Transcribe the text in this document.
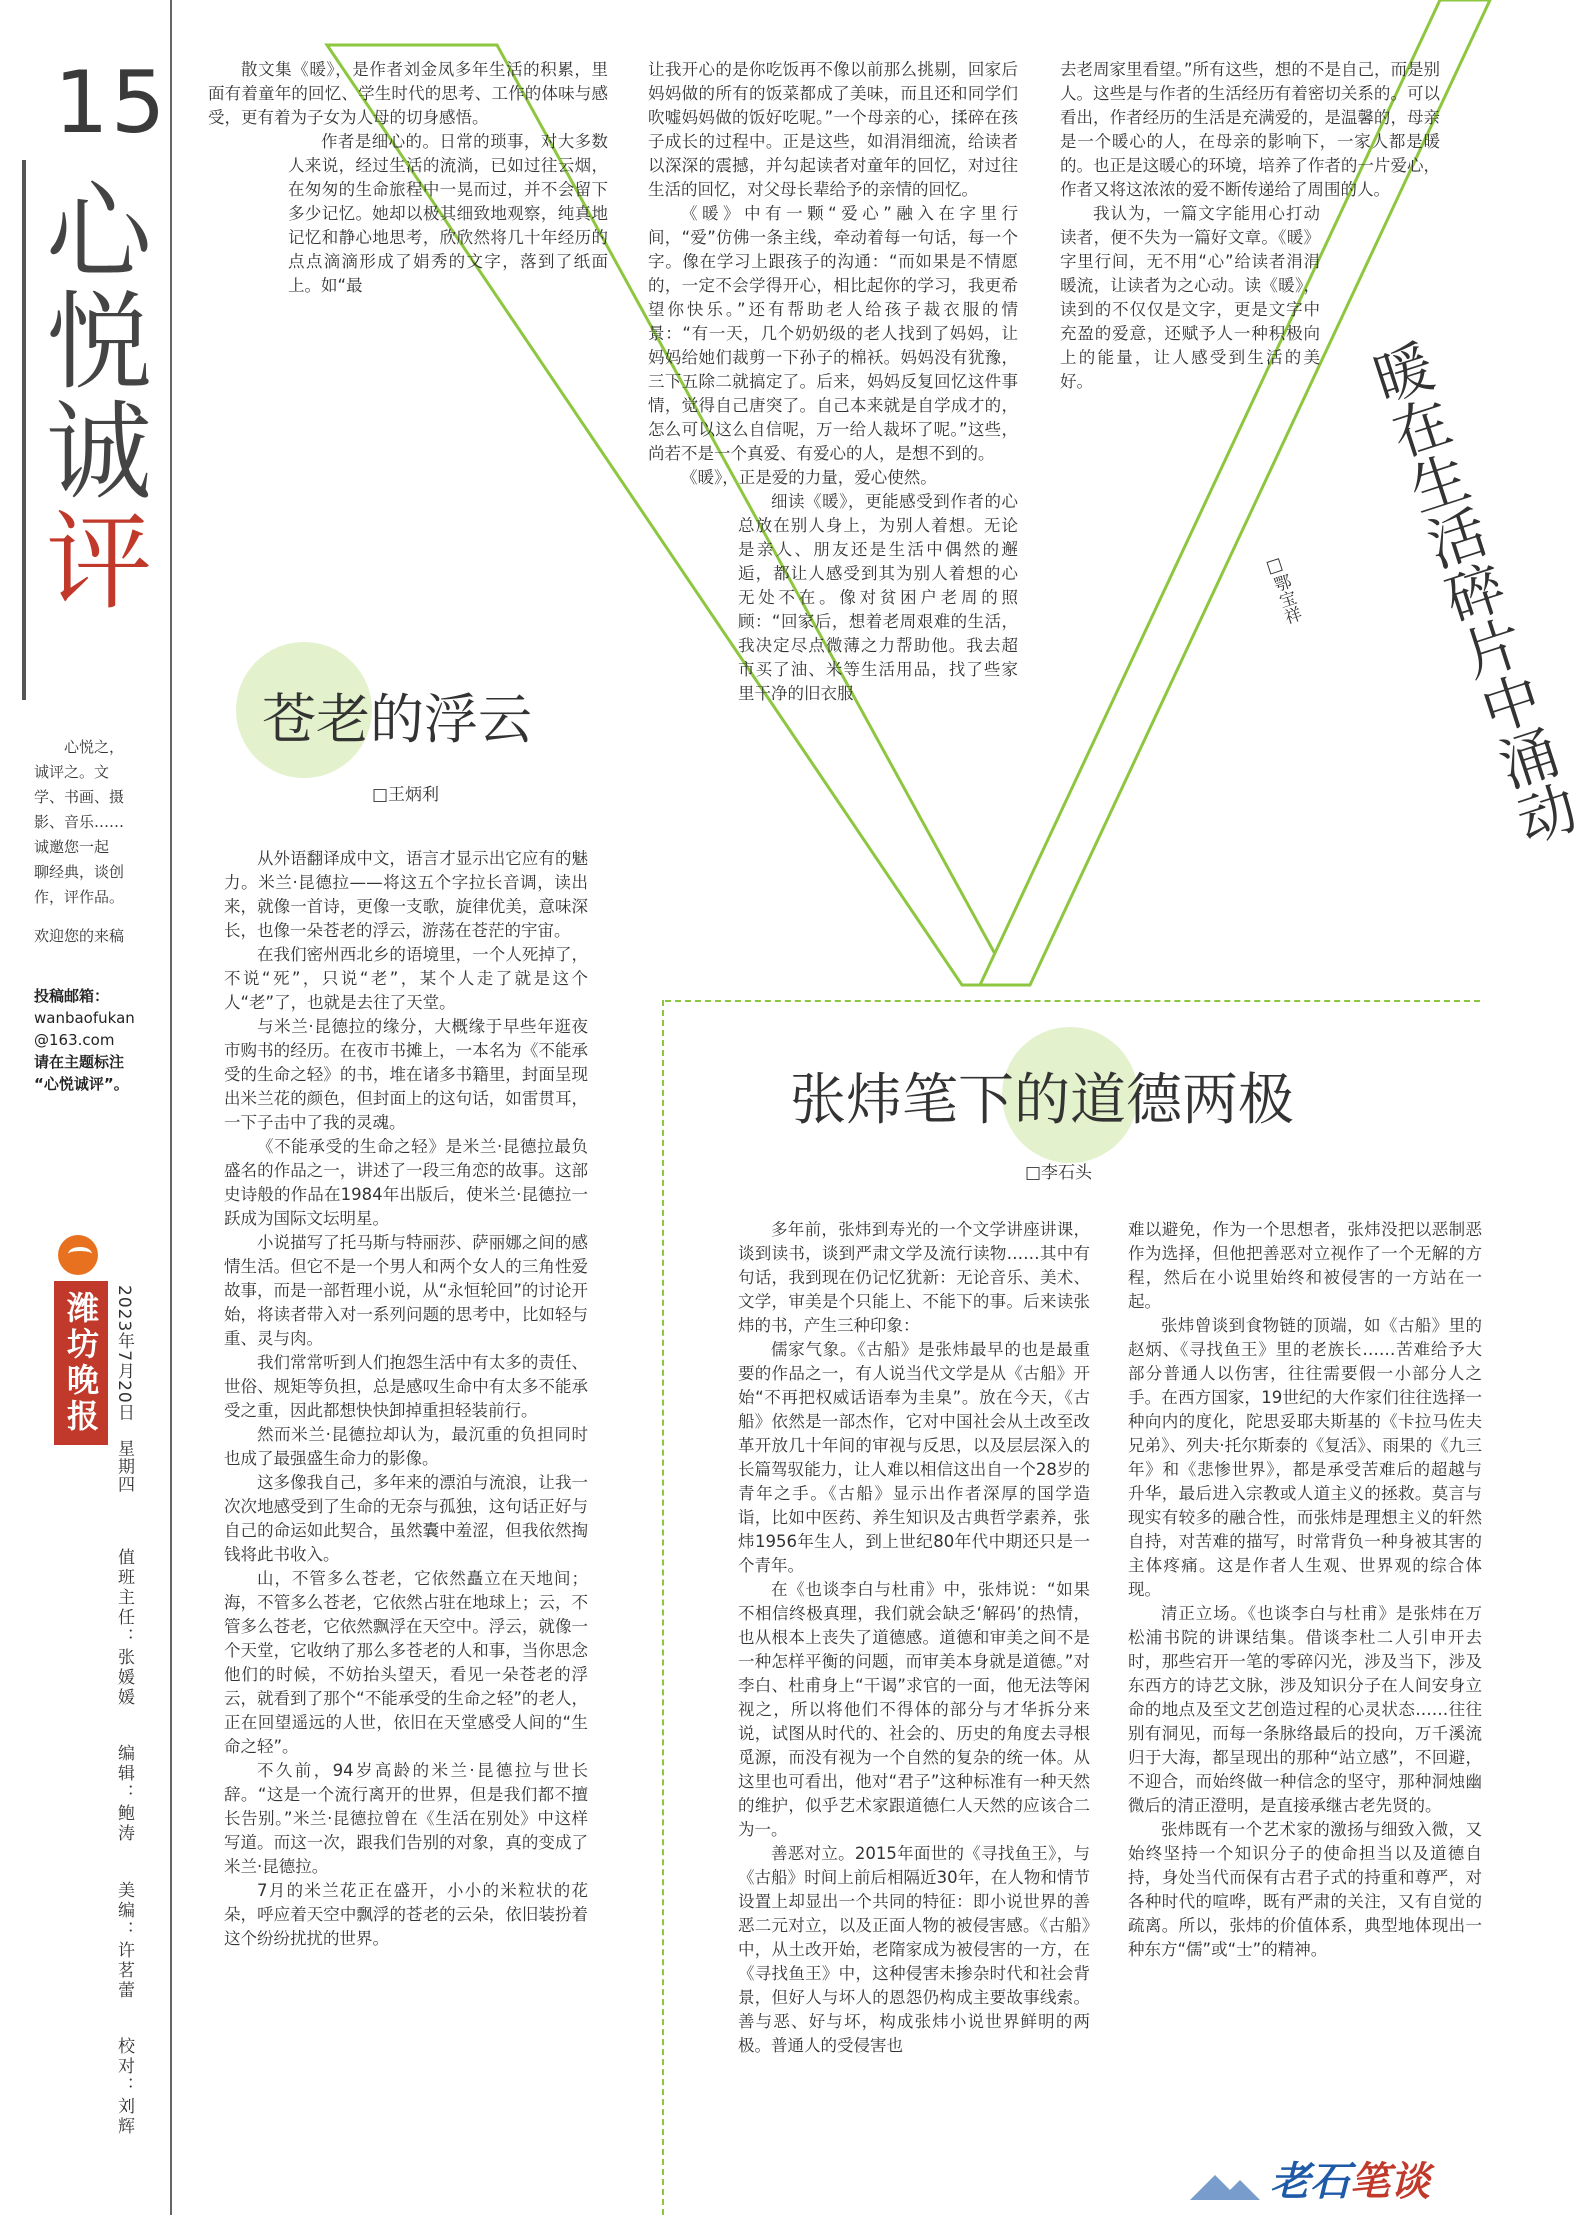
15
心悦诚
评
心悦之，
诚评之。文
学、书画、摄
影、音乐……
诚邀您一起
聊经典，谈创
作，评作品。
欢迎您的来稿
投稿邮箱：
wanbaofukan
@163.com
请在主题标注
“心悦诚评”。
潍坊晚报 2023年7月20日　星期四
值班主任：张媛媛 编辑：鲍涛 美编：许茗蕾 校对：刘辉

散文集《暖》，是作者刘金凤多年生活的积累，里面有着童年的回忆、学生时代的思考、工作的体味与感受，更有着为子女为人母的切身感悟。

作者是细心的。日常的琐事，对大多数人来说，经过生活的流淌，已如过往云烟，在匆匆的生命旅程中一晃而过，并不会留下多少记忆。她却以极其细致地观察，纯真地记忆和静心地思考，欣欣然将几十年经历的点点滴滴形成了娟秀的文字，落到了纸面上。如“最

让我开心的是你吃饭再不像以前那么挑剔，回家后妈妈做的所有的饭菜都成了美味，而且还和同学们吹嘘妈妈做的饭好吃呢。”一个母亲的心，揉碎在孩子成长的过程中。正是这些，如涓涓细流，给读者以深深的震撼，并勾起读者对童年的回忆，对过往生活的回忆，对父母长辈给予的亲情的回忆。

《暖》中有一颗“爱心”融入在字里行间，“爱”仿佛一条主线，牵动着每一句话，每一个字。像在学习上跟孩子的沟通：“而如果是不情愿的，一定不会学得开心，相比起你的学习，我更希望你快乐。”还有帮助老人给孩子裁衣服的情景：“有一天，几个奶奶级的老人找到了妈妈，让妈妈给她们裁剪一下孙子的棉袄。妈妈没有犹豫，三下五除二就搞定了。后来，妈妈反复回忆这件事情，觉得自己唐突了。自己本来就是自学成才的，怎么可以这么自信呢，万一给人裁坏了呢。”这些，尚若不是一个真爱、有爱心的人，是想不到的。

《暖》，正是爱的力量，爱心使然。

细读《暖》，更能感受到作者的心总放在别人身上，为别人着想。无论是亲人、朋友还是生活中偶然的邂逅，都让人感受到其为别人着想的心无处不在。像对贫困户老周的照顾：“回家后，想着老周艰难的生活，我决定尽点微薄之力帮助他。我去超市买了油、米等生活用品，找了些家里干净的旧衣服

去老周家里看望。”所有这些，想的不是自己，而是别人。这些是与作者的生活经历有着密切关系的。可以看出，作者经历的生活是充满爱的，是温馨的，母亲是一个暖心的人，在母亲的影响下，一家人都是暖的。也正是这暖心的环境，培养了作者的一片爱心，作者又将这浓浓的爱不断传递给了周围的人。

我认为，一篇文字能用心打动读者，便不失为一篇好文章。《暖》字里行间，无不用“心”给读者涓涓暖流，让读者为之心动。读《暖》，读到的不仅仅是文字，更是文字中充盈的爱意，还赋予人一种积极向上的能量，让人感受到生活的美好。	暖在生活碎片中涌动
□鄂宝祥
苍老的浮云
□王炳利

从外语翻译成中文，语言才显示出它应有的魅力。米兰·昆德拉——将这五个字拉长音调，读出来，就像一首诗，更像一支歌，旋律优美，意味深长，也像一朵苍老的浮云，游荡在苍茫的宇宙。

在我们密州西北乡的语境里，一个人死掉了，不说“死”，只说“老”，某个人走了就是这个人“老”了，也就是去往了天堂。

与米兰·昆德拉的缘分，大概缘于早些年逛夜市购书的经历。在夜市书摊上，一本名为《不能承受的生命之轻》的书，堆在诸多书籍里，封面呈现出米兰花的颜色，但封面上的这句话，如雷贯耳，一下子击中了我的灵魂。

《不能承受的生命之轻》是米兰·昆德拉最负盛名的作品之一，讲述了一段三角恋的故事。这部史诗般的作品在1984年出版后，使米兰·昆德拉一跃成为国际文坛明星。

小说描写了托马斯与特丽莎、萨丽娜之间的感情生活。但它不是一个男人和两个女人的三角性爱故事，而是一部哲理小说，从“永恒轮回”的讨论开始，将读者带入对一系列问题的思考中，比如轻与重、灵与肉。

我们常常听到人们抱怨生活中有太多的责任、世俗、规矩等负担，总是感叹生命中有太多不能承受之重，因此都想快快卸掉重担轻装前行。

然而米兰·昆德拉却认为，最沉重的负担同时也成了最强盛生命力的影像。

这多像我自己，多年来的漂泊与流浪，让我一次次地感受到了生命的无奈与孤独，这句话正好与自己的命运如此契合，虽然囊中羞涩，但我依然掏钱将此书收入。

山，不管多么苍老，它依然矗立在天地间；海，不管多么苍老，它依然占驻在地球上；云，不管多么苍老，它依然飘浮在天空中。浮云，就像一个天堂，它收纳了那么多苍老的人和事，当你思念他们的时候，不妨抬头望天，看见一朵苍老的浮云，就看到了那个“不能承受的生命之轻”的老人，正在回望遥远的人世，依旧在天堂感受人间的“生命之轻”。

不久前，94岁高龄的米兰·昆德拉与世长辞。“这是一个流行离开的世界，但是我们都不擅长告别。”米兰·昆德拉曾在《生活在别处》中这样写道。而这一次，跟我们告别的对象，真的变成了米兰·昆德拉。

7月的米兰花正在盛开，小小的米粒状的花朵，呼应着天空中飘浮的苍老的云朵，依旧装扮着这个纷纷扰扰的世界。

张炜笔下的道德两极
□李石头

多年前，张炜到寿光的一个文学讲座讲课，谈到读书，谈到严肃文学及流行读物……其中有句话，我到现在仍记忆犹新：无论音乐、美术、文学，审美是个只能上、不能下的事。后来读张炜的书，产生三种印象：

儒家气象。《古船》是张炜最早的也是最重要的作品之一，有人说当代文学是从《古船》开始“不再把权威话语奉为圭臬”。放在今天，《古船》依然是一部杰作，它对中国社会从土改至改革开放几十年间的审视与反思，以及层层深入的长篇驾驭能力，让人难以相信这出自一个28岁的青年之手。《古船》显示出作者深厚的国学造诣，比如中医药、养生知识及古典哲学素养，张炜1956年生人，到上世纪80年代中期还只是一个青年。

在《也谈李白与杜甫》中，张炜说：“如果不相信终极真理，我们就会缺乏‘解码’的热情，也从根本上丧失了道德感。道德和审美之间不是一种怎样平衡的问题，而审美本身就是道德。”对李白、杜甫身上“干谒”求官的一面，他无法等闲视之，所以将他们不得体的部分与才华拆分来说，试图从时代的、社会的、历史的角度去寻根觅源，而没有视为一个自然的复杂的统一体。从这里也可看出，他对“君子”这种标准有一种天然的维护，似乎艺术家跟道德仁人天然的应该合二为一。

善恶对立。2015年面世的《寻找鱼王》，与《古船》时间上前后相隔近30年，在人物和情节设置上却显出一个共同的特征：即小说世界的善恶二元对立，以及正面人物的被侵害感。《古船》中，从土改开始，老隋家成为被侵害的一方，在《寻找鱼王》中，这种侵害未掺杂时代和社会背景，但好人与坏人的恩怨仍构成主要故事线索。善与恶、好与坏，构成张炜小说世界鲜明的两极。普通人的受侵害也

难以避免，作为一个思想者，张炜没把以恶制恶作为选择，但他把善恶对立视作了一个无解的方程，然后在小说里始终和被侵害的一方站在一起。

张炜曾谈到食物链的顶端，如《古船》里的赵炳、《寻找鱼王》里的老族长……苦难给予大部分普通人以伤害，往往需要假一小部分人之手。在西方国家，19世纪的大作家们往往选择一种向内的度化，陀思妥耶夫斯基的《卡拉马佐夫兄弟》、列夫·托尔斯泰的《复活》、雨果的《九三年》和《悲惨世界》，都是承受苦难后的超越与升华，最后进入宗教或人道主义的拯救。莫言与现实有较多的融合性，而张炜是理想主义的轩然自持，对苦难的描写，时常背负一种身被其害的主体疼痛。这是作者人生观、世界观的综合体现。

清正立场。《也谈李白与杜甫》是张炜在万松浦书院的讲课结集。借谈李杜二人引申开去时，那些宕开一笔的零碎闪光，涉及当下，涉及东西方的诗艺文脉，涉及知识分子在人间安身立命的地点及至文艺创造过程的心灵状态……往往别有洞见，而每一条脉络最后的投向，万千溪流归于大海，都呈现出的那种“站立感”，不回避，不迎合，而始终做一种信念的坚守，那种洞烛幽微后的清正澄明，是直接承继古老先贤的。

张炜既有一个艺术家的激扬与细致入微，又始终坚持一个知识分子的使命担当以及道德自持，身处当代而保有古君子式的持重和尊严，对各种时代的喧哗，既有严肃的关注，又有自觉的疏离。所以，张炜的价值体系，典型地体现出一种东方“儒”或“士”的精神。

老石笔谈
